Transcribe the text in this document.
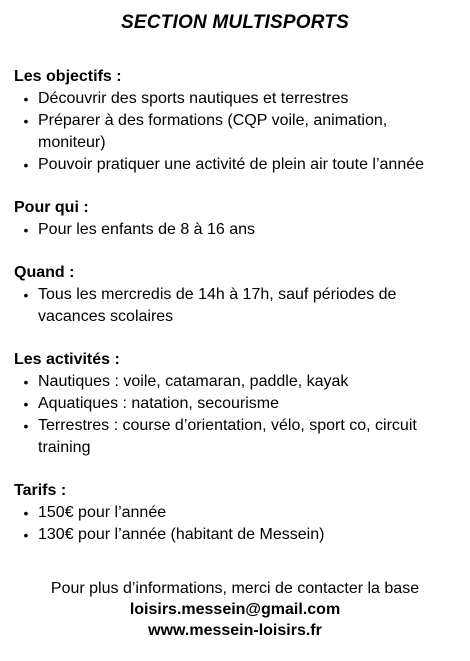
SECTION MULTISPORTS

Les objectifs :

• Découvrir des sports nautiques et terrestres
• Préparer à des formations (CQP voile, animation, moniteur)
• Pouvoir pratiquer une activité de plein air toute l’année

Pour qui :

• Pour les enfants de 8 à 16 ans

Quand :

• Tous les mercredis de 14h à 17h, sauf périodes de vacances scolaires

Les activités :

• Nautiques : voile, catamaran, paddle, kayak
• Aquatiques : natation, secourisme
• Terrestres : course d’orientation, vélo, sport co, circuit training

Tarifs :

• 150€ pour l’année
• 130€ pour l’année (habitant de Messein)
Pour plus d’informations, merci de contacter la base
loisirs.messein@gmail.com
www.messein-loisirs.fr
